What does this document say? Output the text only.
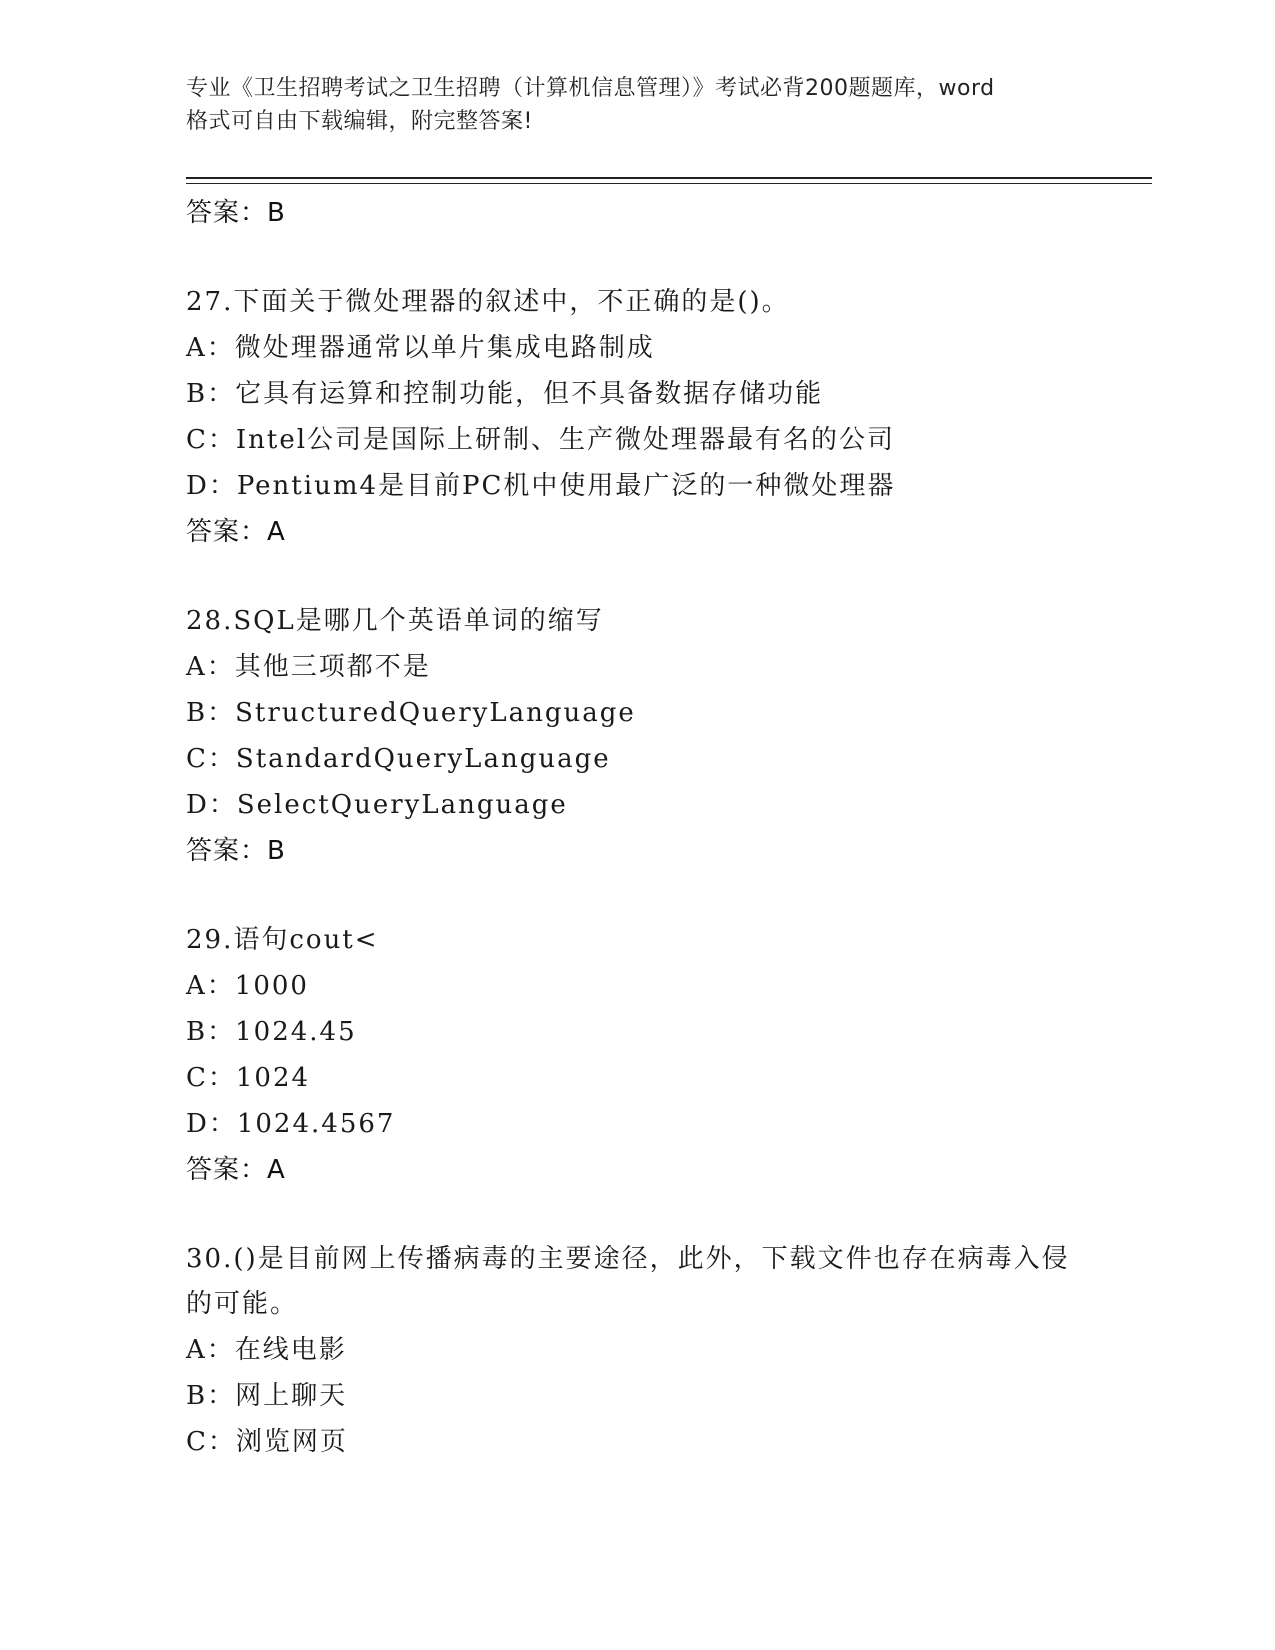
专业《卫生招聘考试之卫生招聘（计算机信息管理）》考试必背200题题库，word
格式可自由下载编辑，附完整答案!
答案：B
27.下面关于微处理器的叙述中，不正确的是()。
A：微处理器通常以单片集成电路制成
B：它具有运算和控制功能，但不具备数据存储功能
C：Intel公司是国际上研制、生产微处理器最有名的公司
D：Pentium4是目前PC机中使用最广泛的一种微处理器
答案：A
28.SQL是哪几个英语单词的缩写
A：其他三项都不是
B：StructuredQueryLanguage
C：StandardQueryLanguage
D：SelectQueryLanguage
答案：B
29.语句cout<
A：1000
B：1024.45
C：1024
D：1024.4567
答案：A
30.()是目前网上传播病毒的主要途径，此外，下载文件也存在病毒入侵的可能。
A：在线电影
B：网上聊天
C：浏览网页
